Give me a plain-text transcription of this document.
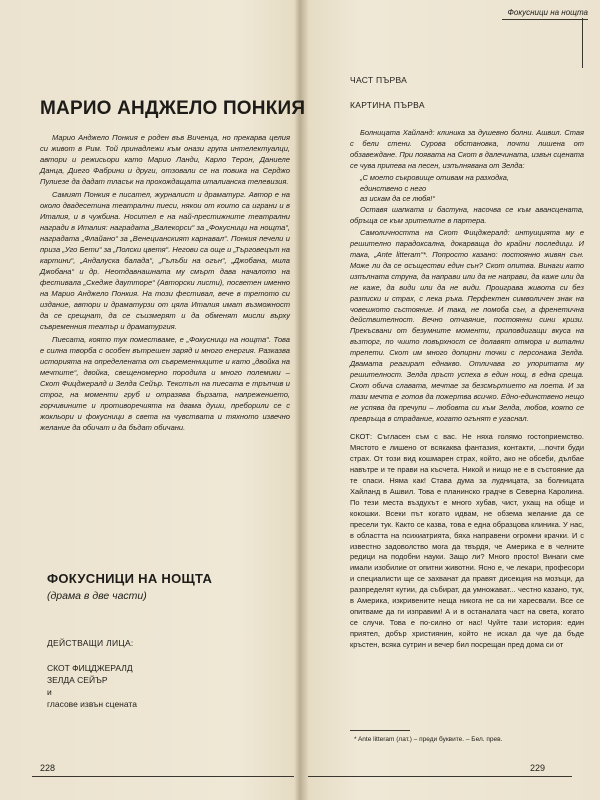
МАРИО АНДЖЕЛО ПОНКИЯ

Марио Анджело Понкия е роден във Виченца, но прекарва целия си живот в Рим. Той принадлежи към онази група интелектуалци, автори и режисьори като Марио Ланди, Карло Терон, Даниеле Данца, Диего Фабрини и други, отзовали се на повика на Серджо Пулиезе да дадат тласък на прохождащата италианска телевизия.

Самият Понкия е писател, журналист и драматург. Автор е на около двадесетина театрални пиеси, някои от които са играни и в Италия, и в чужбина. Носител е на най-престижните театрални награди в Италия: наградата „Валекорси“ за „Фокусници на нощта“, наградата „Флайано“ за „Венецианският карнавал“. Понкия печели и призa „Уго Бети“ за „Полски цветя“. Негови са още и „Търговецът на картини“, „Андалуска балада“, „Гълъби на огън“, „Джобана, мила Джобана“ и др. Неотдавнашната му смърт дава началото на фестивала „Скедже даутторе“ (Авторски листи), посветен именно на Марио Анджело Понкия. На този фестивал, вече в третото си издание, автори и драматурзи от цяла Италия имат възможност да се срещнат, да се съизмерят и да обменят мисли върху съвременния театър и драматургия.

Пиесата, която тук поместваме, е „Фокусници на нощта“. Това е силна творба с особен вътрешен заряд и много енергия. Разказва историята на определената от съвременниците и като „двойка на мечтите“, двойка, свещеномерно породила и много полемики – Скот Фицджералд и Зелда Сейър. Текстът на пиесата е тръпчив и строг, на моменти груб и отразява бързата, напрежението, горчивините и противоречията на двама души, преборили се с жокльори и фокусници в света на чувствата и тяхното извечно желание да обичат и да бъдат обичани.

ФОКУСНИЦИ НА НОЩТА
(драма в две части)
ДЕЙСТВАЩИ ЛИЦА:
СКОТ ФИЦДЖЕРАЛД
ЗЕЛДА СЕЙЪР
и
гласове извън сцената
228
Фокусници на нощта
ЧАСТ ПЪРВА
КАРТИНА ПЪРВА

Болницата Хайланд: клиника за душевно болни. Ашвил. Стая с бели стени. Сурова обстановка, почти лишена от обзавеждане. При появата на Скот в далечината, извън сцената се чува припева на песен, изпълнявана от Зелда:

„С моето съкровище отивам на разходка,

единствено с него

аз искам да се любя!“

Оставя шапката и бастуна, насочва се към авансцената, обръща се към зрителите в партера.

Самоличността на Скот Фицджералд: интуицията му е решително парадоксална, докарваща до крайни последици. И така, „Ante litteram“*. Попросто казано: постоянно живян сън. Може ли да се осъществи един сън? Скот опитва. Винаги като изпълната струна, да направи или да не направи, да каже или да не каже, да види или да не види. Проиграва живота си без разписки и страх, с лека ръка. Перфектен символичен знак на човешкото състояние. И така, не помоба сън, а френетична действителност. Вечно отчаяние, постоянни сини кризи. Прекъсвани от безумните моменти, приповдигащи вкуса на възторг, по чиито повърхност се долавят отмора и витални трепети. Скот им много допирни точки с персонажа Зелда. Двамата реагират еднакво. Отличава го упоритата му решителност. Зелда пръст успеха в един нощ, в една среща. Скот обича славата, мечтае за безсмъртието на поета. И за тази мечта е готов да пожертва всичко. Едно-единствено нещо не успява да пречупи – любовта си към Зелда, любов, която се превръща в страдание, когато огънят е угаснал.

СКОТ: Съгласен съм с вас. Не няха голямо гостоприемство. Мястото е лишено от всякаква фантазия, контакти, ...почти буди страх. От този вид кошмарен страх, който, ако не обсеби, дълбае навътре и те прави на късчета. Никой и нищо не е в състояние да те спаси. Няма как! Става дума за лудницата, за болницата Хайланд в Ашвил. Това е планинско градче в Северна Каролина. По тези места въздухът е много хубав, чист, ухащ на обще и кокошки. Всеки път когато идвам, не обземa желание да се пресели тук. Както се казва, това е една образцова клиника. У нас, в областта на психиатрията, бяха направени огромни крачки. И с известно задоволство мога да твърдя, че Америка е в челните редици на подобни науки. Защо ли? Много просто! Винаги сме имали изобилие от опитни животни. Ясно е, че лекари, професори и специалисти ще се захванат да правят дисекция на мозъци, да разпределят кутии, да събират, да умножават... честно казано, тук, в Америка, изкривените неща никога не са ни харесвали. Все се опитваме да ги изправим! А и в останалата част на света, когато се случи. Това е по-силно от нас! Чуйте тази история: един приятел, добър християнин, който не искал да чуе да бъде кръстен, всяка сутрин и вечер бил посрещан пред дома си от

* Ante litteram (лат.) – преди буквите. – Бел. прев.
229
